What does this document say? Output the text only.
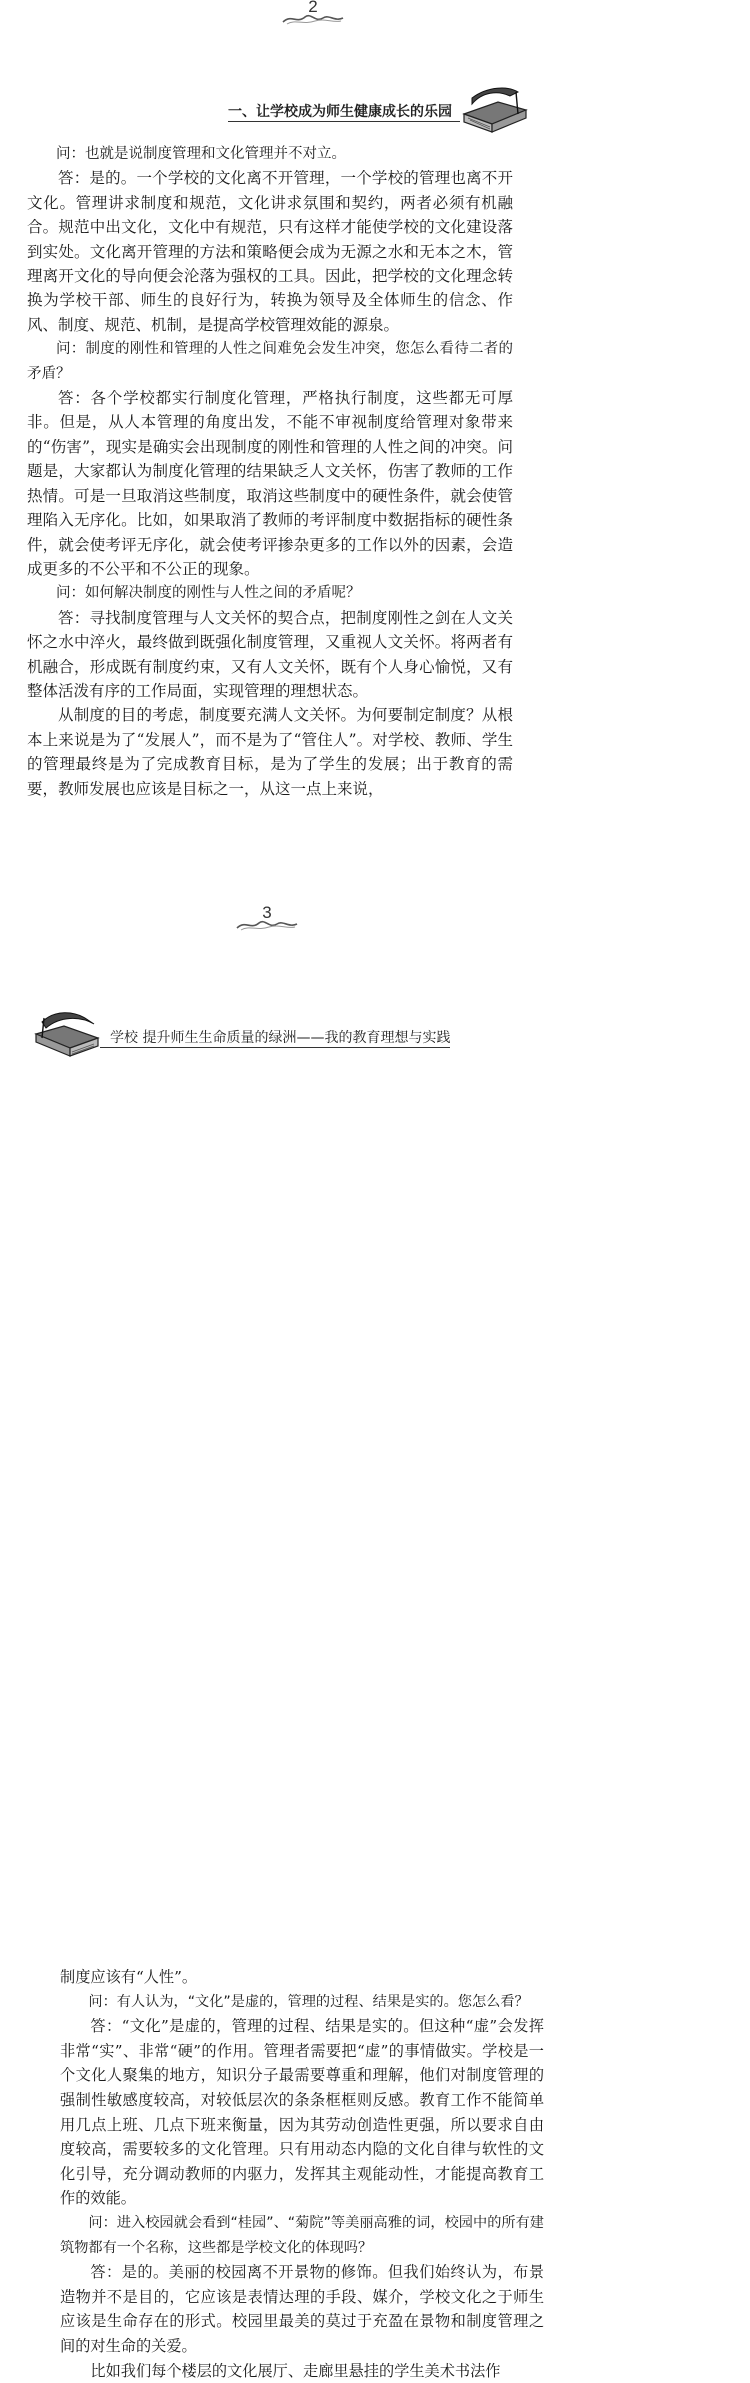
2
一、让学校成为师生健康成长的乐园

问：也就是说制度管理和文化管理并不对立。

答：是的。一个学校的文化离不开管理，一个学校的管理也离不开文化。管理讲求制度和规范，文化讲求氛围和契约，两者必须有机融合。规范中出文化，文化中有规范，只有这样才能使学校的文化建设落到实处。文化离开管理的方法和策略便会成为无源之水和无本之木，管理离开文化的导向便会沦落为强权的工具。因此，把学校的文化理念转换为学校干部、师生的良好行为，转换为领导及全体师生的信念、作风、制度、规范、机制，是提高学校管理效能的源泉。

问：制度的刚性和管理的人性之间难免会发生冲突，您怎么看待二者的矛盾？

答：各个学校都实行制度化管理，严格执行制度，这些都无可厚非。但是，从人本管理的角度出发，不能不审视制度给管理对象带来的“伤害”，现实是确实会出现制度的刚性和管理的人性之间的冲突。问题是，大家都认为制度化管理的结果缺乏人文关怀，伤害了教师的工作热情。可是一旦取消这些制度，取消这些制度中的硬性条件，就会使管理陷入无序化。比如，如果取消了教师的考评制度中数据指标的硬性条件，就会使考评无序化，就会使考评掺杂更多的工作以外的因素，会造成更多的不公平和不公正的现象。

问：如何解决制度的刚性与人性之间的矛盾呢？

答：寻找制度管理与人文关怀的契合点，把制度刚性之剑在人文关怀之水中淬火，最终做到既强化制度管理，又重视人文关怀。将两者有机融合，形成既有制度约束，又有人文关怀，既有个人身心愉悦，又有整体活泼有序的工作局面，实现管理的理想状态。

从制度的目的考虑，制度要充满人文关怀。为何要制定制度？从根本上来说是为了“发展人”，而不是为了“管住人”。对学校、教师、学生的管理最终是为了完成教育目标，是为了学生的发展；出于教育的需要，教师发展也应该是目标之一，从这一点上来说，

3
学校 提升师生生命质量的绿洲——我的教育理想与实践

制度应该有“人性”。

问：有人认为，“文化”是虚的，管理的过程、结果是实的。您怎么看？

答：“文化”是虚的，管理的过程、结果是实的。但这种“虚”会发挥非常“实”、非常“硬”的作用。管理者需要把“虚”的事情做实。学校是一个文化人聚集的地方，知识分子最需要尊重和理解，他们对制度管理的强制性敏感度较高，对较低层次的条条框框则反感。教育工作不能简单用几点上班、几点下班来衡量，因为其劳动创造性更强，所以要求自由度较高，需要较多的文化管理。只有用动态内隐的文化自律与软性的文化引导，充分调动教师的内驱力，发挥其主观能动性，才能提高教育工作的效能。

问：进入校园就会看到“桂园”、“菊院”等美丽高雅的词，校园中的所有建筑物都有一个名称，这些都是学校文化的体现吗？

答：是的。美丽的校园离不开景物的修饰。但我们始终认为，布景造物并不是目的，它应该是表情达理的手段、媒介，学校文化之于师生应该是生命存在的形式。校园里最美的莫过于充盈在景物和制度管理之间的对生命的关爱。

比如我们每个楼层的文化展厅、走廊里悬挂的学生美术书法作
